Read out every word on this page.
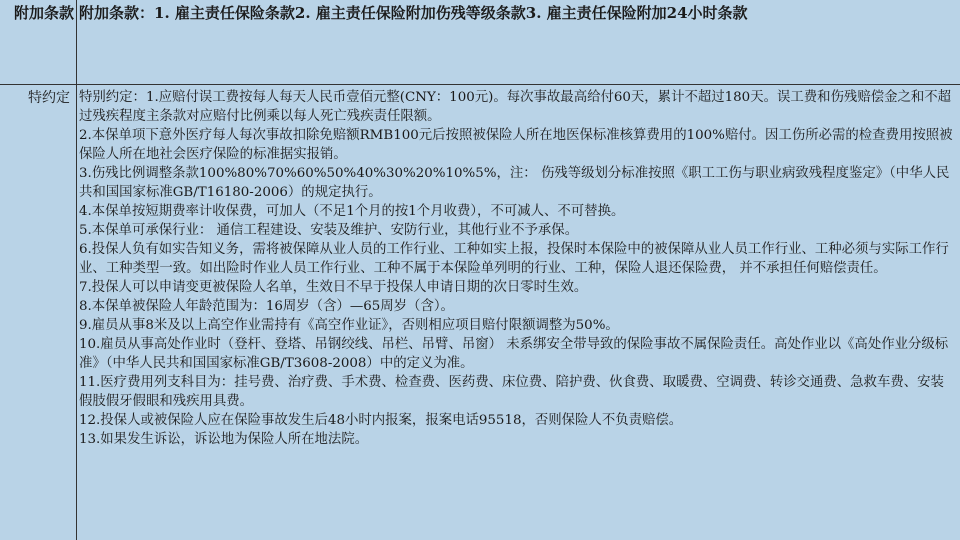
附加条款 附加条款：1. 雇主责任保险条款2. 雇主责任保险附加伤残等级条款3. 雇主责任保险附加24小时条款
特约定 特别约定：1.应赔付误工费按每人每天人民币壹佰元整(CNY：100元)。每次事故最高给付60天，累计不超过180天。误工费和伤残赔偿金之和不超过残疾程度主条款对应赔付比例乘以每人死亡残疾责任限额。

2.本保单项下意外医疗每人每次事故扣除免赔额RMB100元后按照被保险人所在地医保标准核算费用的100%赔付。因工伤所必需的检查费用按照被保险人所在地社会医疗保险的标准据实报销。

3.伤残比例调整条款100%80%70%60%50%40%30%20%10%5%，注： 伤残等级划分标准按照《职工工伤与职业病致残程度鉴定》（中华人民共和国国家标准GB/T16180-2006）的规定执行。

4.本保单按短期费率计收保费，可加人（不足1个月的按1个月收费），不可减人、不可替换。

5.本保单可承保行业： 通信工程建设、安装及维护、安防行业，其他行业不予承保。

6.投保人负有如实告知义务，需将被保障从业人员的工作行业、工种如实上报，投保时本保险中的被保障从业人员工作行业、工种必须与实际工作行业、工种类型一致。如出险时作业人员工作行业、工种不属于本保险单列明的行业、工种，保险人退还保险费， 并不承担任何赔偿责任。

7.投保人可以申请变更被保险人名单，生效日不早于投保人申请日期的次日零时生效。

8.本保单被保险人年龄范围为：16周岁（含）—65周岁（含）。

9.雇员从事8米及以上高空作业需持有《高空作业证》，否则相应项目赔付限额调整为50%。

10.雇员从事高处作业时（登杆、登塔、吊钢绞线、吊栏、吊臂、吊窗） 未系绑安全带导致的保险事故不属保险责任。高处作业以《高处作业分级标准》（中华人民共和国国家标准GB/T3608-2008）中的定义为准。

11.医疗费用列支科目为：挂号费、治疗费、手术费、检查费、医药费、床位费、陪护费、伙食费、取暖费、空调费、转诊交通费、急救车费、安装假肢假牙假眼和残疾用具费。

12.投保人或被保险人应在保险事故发生后48小时内报案，报案电话95518，否则保险人不负责赔偿。

13.如果发生诉讼，诉讼地为保险人所在地法院。
